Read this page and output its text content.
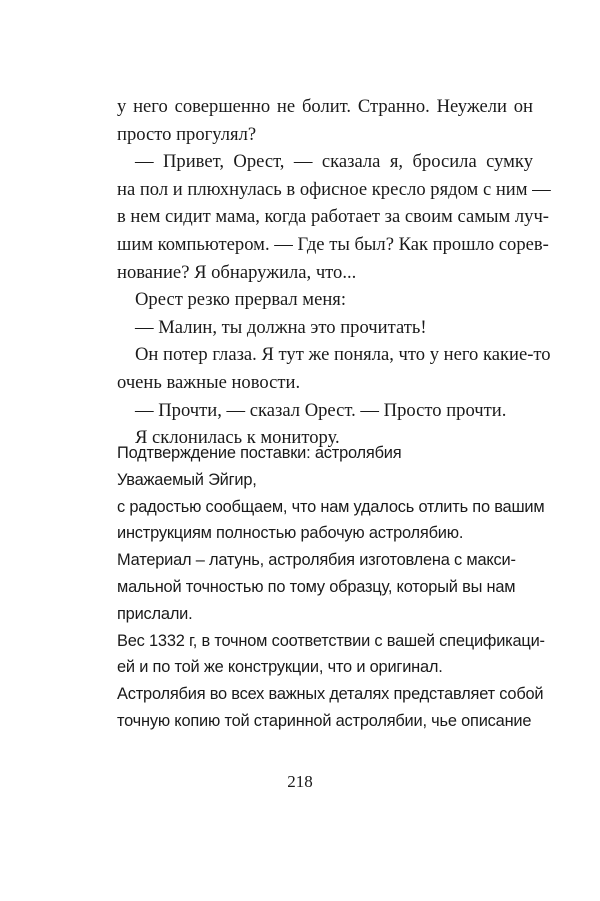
у него совершенно не болит. Странно. Неужели он
просто прогулял?

— Привет, Орест, — сказала я, бросила сумку
на пол и плюхнулась в офисное кресло рядом с ним —
в нем сидит мама, когда работает за своим самым луч-
шим компьютером. — Где ты был? Как прошло сорев-
нование? Я обнаружила, что...

Орест резко прервал меня:

— Малин, ты должна это прочитать!

Он потер глаза. Я тут же поняла, что у него какие-то
очень важные новости.

— Прочти, — сказал Орест. — Просто прочти.

Я склонилась к монитору.

Подтверждение поставки: астролябия
Уважаемый Эйгир,
с радостью сообщаем, что нам удалось отлить по вашим
инструкциям полностью рабочую астролябию.
Материал – латунь, астролябия изготовлена с макси-
мальной точностью по тому образцу, который вы нам
прислали.
Вес 1332 г, в точном соответствии с вашей спецификаци-
ей и по той же конструкции, что и оригинал.
Астролябия во всех важных деталях представляет собой
точную копию той старинной астролябии, чье описание
218
